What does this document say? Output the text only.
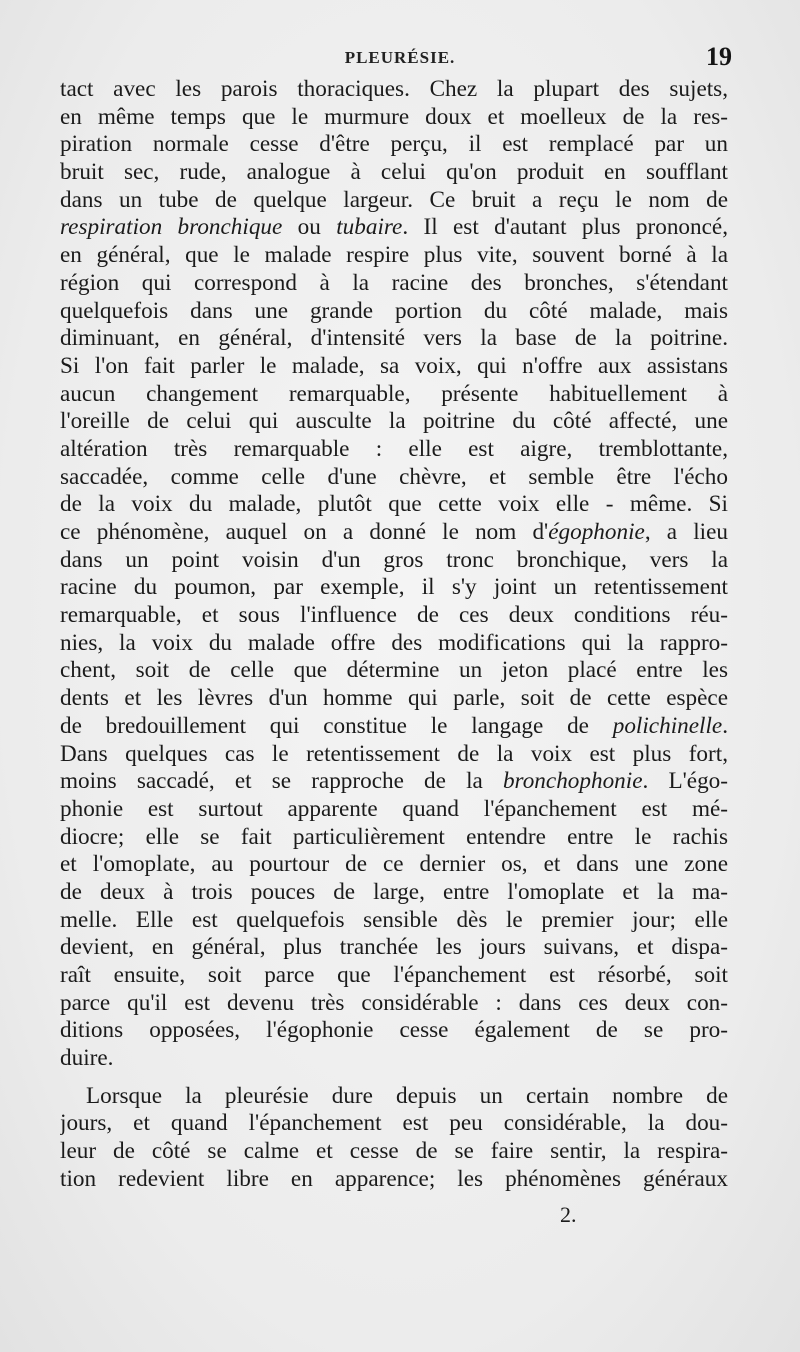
PLEURÉSIE.	19
tact avec les parois thoraciques. Chez la plupart des sujets,
en même temps que le murmure doux et moelleux de la res-
piration normale cesse d'être perçu, il est remplacé par un
bruit sec, rude, analogue à celui qu'on produit en soufflant
dans un tube de quelque largeur. Ce bruit a reçu le nom de
respiration bronchique ou tubaire. Il est d'autant plus prononcé,
en général, que le malade respire plus vite, souvent borné à la
région qui correspond à la racine des bronches, s'étendant
quelquefois dans une grande portion du côté malade, mais
diminuant, en général, d'intensité vers la base de la poitrine.
Si l'on fait parler le malade, sa voix, qui n'offre aux assistans
aucun changement remarquable, présente habituellement à
l'oreille de celui qui ausculte la poitrine du côté affecté, une
altération très remarquable : elle est aigre, tremblottante,
saccadée, comme celle d'une chèvre, et semble être l'écho
de la voix du malade, plutôt que cette voix elle - même. Si
ce phénomène, auquel on a donné le nom d'égophonie, a lieu
dans un point voisin d'un gros tronc bronchique, vers la
racine du poumon, par exemple, il s'y joint un retentissement
remarquable, et sous l'influence de ces deux conditions réu-
nies, la voix du malade offre des modifications qui la rappro-
chent, soit de celle que détermine un jeton placé entre les
dents et les lèvres d'un homme qui parle, soit de cette espèce
de bredouillement qui constitue le langage de polichinelle.
Dans quelques cas le retentissement de la voix est plus fort,
moins saccadé, et se rapproche de la bronchophonie. L'égo-
phonie est surtout apparente quand l'épanchement est mé-
diocre; elle se fait particulièrement entendre entre le rachis
et l'omoplate, au pourtour de ce dernier os, et dans une zone
de deux à trois pouces de large, entre l'omoplate et la ma-
melle. Elle est quelquefois sensible dès le premier jour; elle
devient, en général, plus tranchée les jours suivans, et dispa-
raît ensuite, soit parce que l'épanchement est résorbé, soit
parce qu'il est devenu très considérable : dans ces deux con-
ditions opposées, l'égophonie cesse également de se pro-
duire.
Lorsque la pleurésie dure depuis un certain nombre de
jours, et quand l'épanchement est peu considérable, la dou-
leur de côté se calme et cesse de se faire sentir, la respira-
tion redevient libre en apparence; les phénomènes généraux
2.
